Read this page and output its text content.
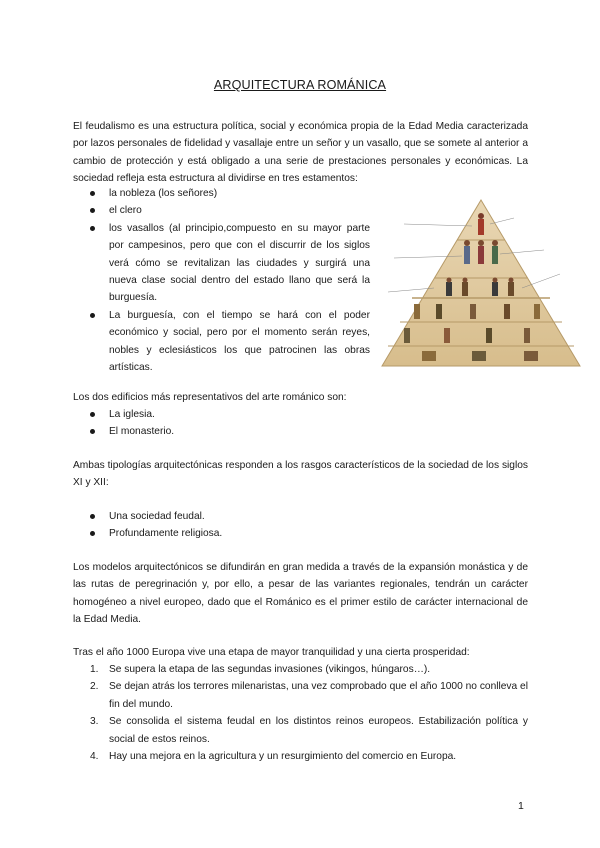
ARQUITECTURA ROMÁNICA

El feudalismo es una estructura política, social y económica propia de la Edad Media caracterizada por lazos personales de fidelidad y vasallaje entre un señor y un vasallo, que se somete al anterior a cambio de protección y está obligado a una serie de prestaciones personales y económicas. La sociedad refleja esta estructura al dividirse en tres estamentos:

la nobleza (los señores)
el clero
los vasallos (al principio,compuesto en su mayor parte por campesinos, pero que con el discurrir de los siglos verá cómo se revitalizan las ciudades y surgirá una nueva clase social dentro del estado llano que será la burguesía.
La burguesía, con el tiempo se hará con el poder económico y social, pero por el momento serán reyes, nobles y eclesiásticos los que patrocinen las obras artísticas.

Los dos edificios más representativos del arte románico son:

La iglesia.
El monasterio.

Ambas tipologías arquitectónicas responden a los rasgos característicos de la sociedad de los siglos XI y XII:

Una sociedad feudal.
Profundamente religiosa.

Los modelos arquitectónicos se difundirán en gran medida a través de la expansión monástica y de las rutas de peregrinación y, por ello, a pesar de las variantes regionales, tendrán un carácter homogéneo a nivel europeo, dado que el Románico es el primer estilo de carácter internacional de la Edad Media.

Tras el año 1000 Europa vive una etapa de mayor tranquilidad y una cierta prosperidad:

1. Se supera la etapa de las segundas invasiones (vikingos, húngaros…).
2. Se dejan atrás los terrores milenaristas, una vez comprobado que el año 1000 no conlleva el fin del mundo.
3. Se consolida el sistema feudal en los distintos reinos europeos. Estabilización política y social de estos reinos.
4. Hay una mejora en la agricultura y un resurgimiento del comercio en Europa.
1
